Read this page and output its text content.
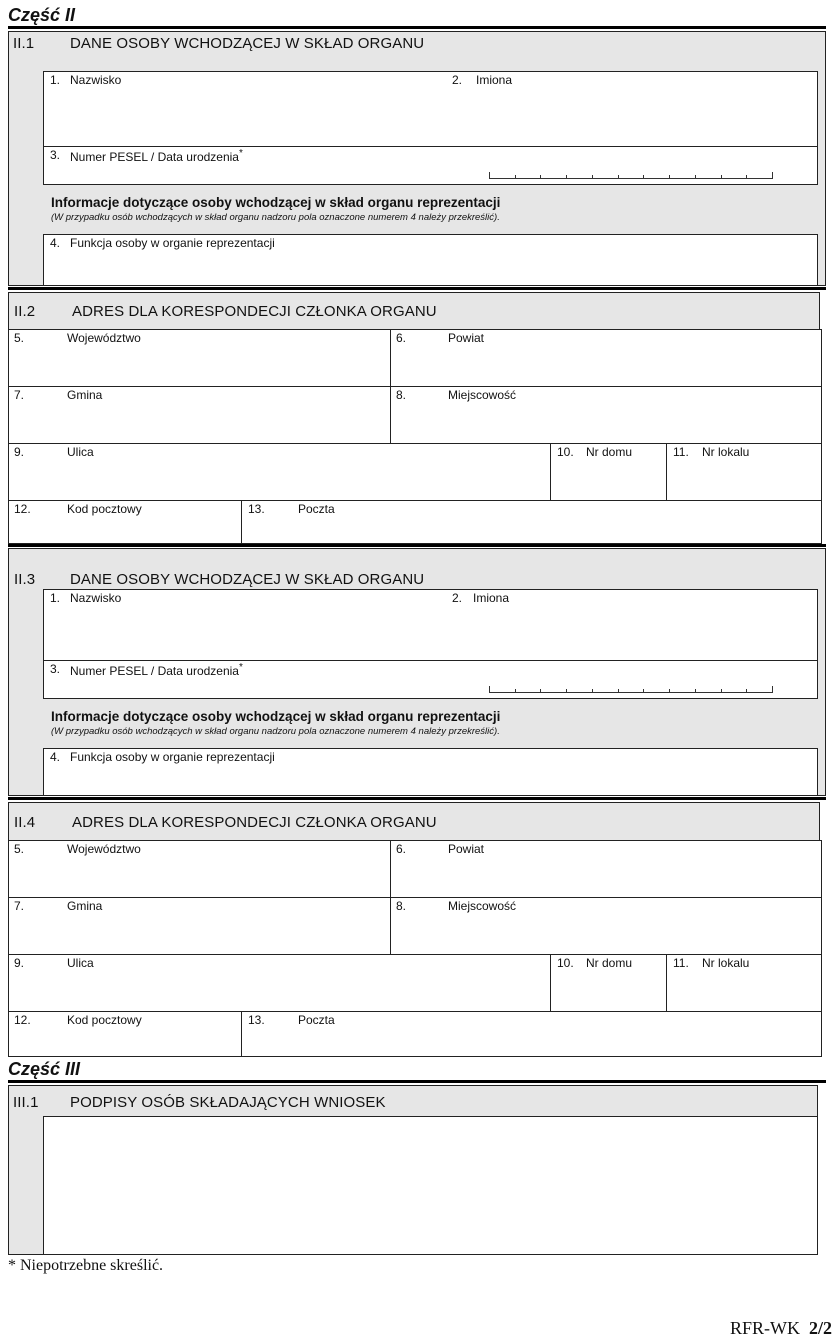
Część II
II.1 DANE OSOBY WCHODZĄCEJ W SKŁAD ORGANU
1. Nazwisko	2. Imiona
3. Numer PESEL / Data urodzenia*
Informacje dotyczące osoby wchodzącej w skład organu reprezentacji
(W przypadku osób wchodzących w skład organu nadzoru pola oznaczone numerem 4 należy przekreślić).
4. Funkcja osoby w organie reprezentacji
II.2 ADRES DLA KORESPONDECJI CZŁONKA ORGANU
5.	Województwo	6.	Powiat
7.	Gmina	8.	Miejscowość
9.	Ulica	10. Nr domu	11. Nr lokalu
12.	Kod pocztowy	13.	Poczta
II.3 DANE OSOBY WCHODZĄCEJ W SKŁAD ORGANU
1. Nazwisko	2. Imiona
3. Numer PESEL / Data urodzenia*
Informacje dotyczące osoby wchodzącej w skład organu reprezentacji
(W przypadku osób wchodzących w skład organu nadzoru pola oznaczone numerem 4 należy przekreślić).
4. Funkcja osoby w organie reprezentacji
II.4 ADRES DLA KORESPONDECJI CZŁONKA ORGANU
5.	Województwo	6.	Powiat
7.	Gmina	8.	Miejscowość
9.	Ulica	10. Nr domu	11. Nr lokalu
12.	Kod pocztowy	13.	Poczta
Część III
III.1 PODPISY OSÓB SKŁADAJĄCYCH WNIOSEK
* Niepotrzebne skreślić.
RFR-WK 2/2
